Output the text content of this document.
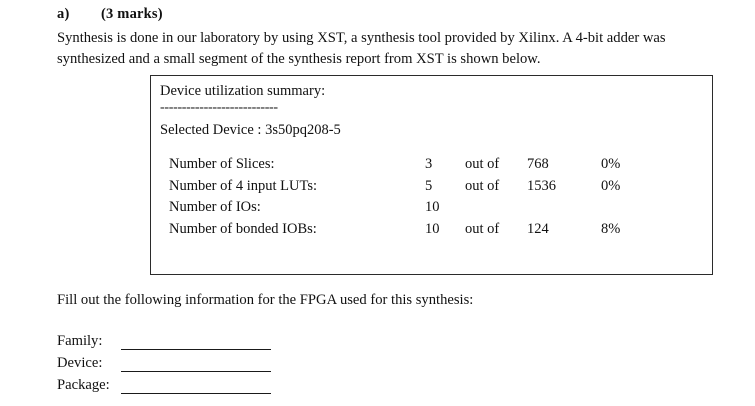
a) (3 marks)
Synthesis is done in our laboratory by using XST, a synthesis tool provided by Xilinx. A 4-bit adder was synthesized and a small segment of the synthesis report from XST is shown below.
Device utilization summary:
---------------------------
Selected Device : 3s50pq208-5
Number of Slices:	3	out of	768	0%
Number of 4 input LUTs:	5	out of	1536	0%
Number of IOs:	10			
Number of bonded IOBs:	10	out of	124	8%
Fill out the following information for the FPGA used for this synthesis:
Family:
Device:
Package:
